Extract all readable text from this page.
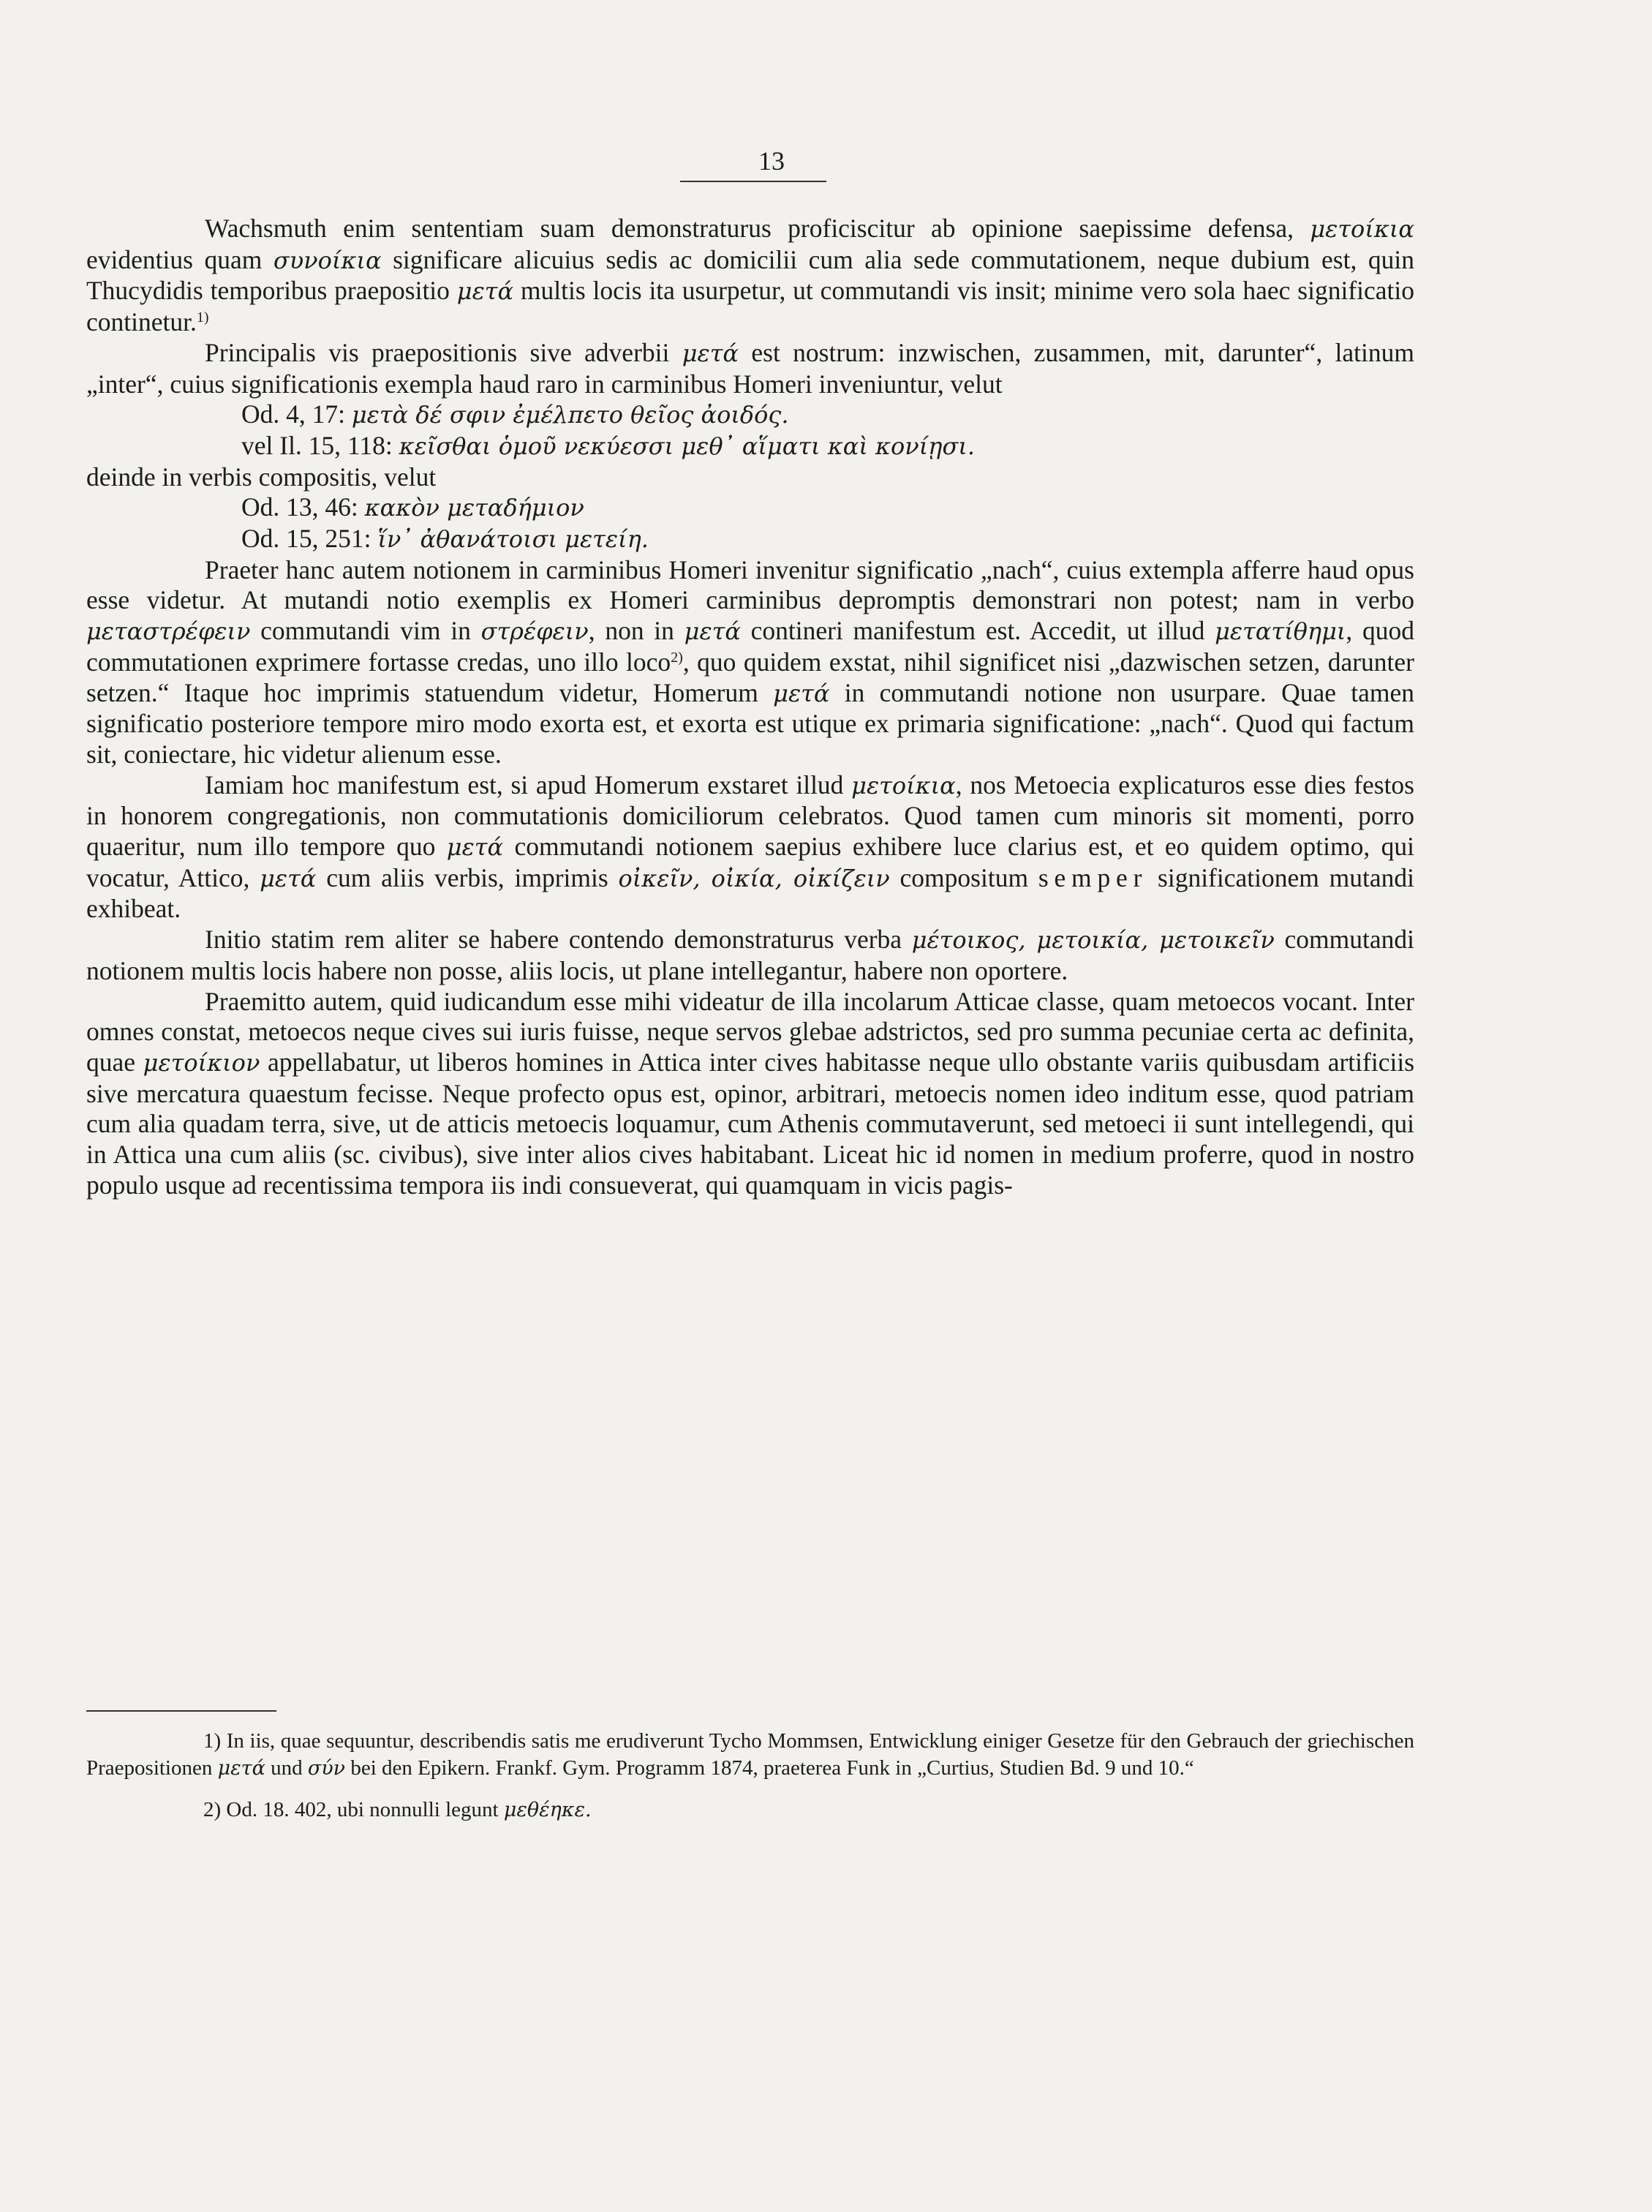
13

Wachsmuth enim sententiam suam demonstraturus proficiscitur ab opinione saepissime defensa, μετοίκια evidentius quam συνοίκια significare alicuius sedis ac domicilii cum alia sede commutationem, neque dubium est, quin Thucydidis temporibus praepositio μετά multis locis ita usurpetur, ut commutandi vis insit; minime vero sola haec significatio continetur.$^{1)}$

Principalis vis praepositionis sive adverbii μετά est nostrum: inzwischen, zusammen, mit, darunter“, latinum „inter“, cuius significationis exempla haud raro in carminibus Homeri inveniuntur, velut

Od. 4, 17: μετὰ δέ σφιν ἐμέλπετο θεῖος ἀοιδός.
vel Il. 15, 118: κεῖσθαι ὁμοῦ νεκύεσσι μεθ᾽ αἵματι καὶ κονίῃσι.

deinde in verbis compositis, velut

Od. 13, 46: κακὸν μεταδήμιον
Od. 15, 251: ἵν᾽ ἀθανάτοισι μετείη.

Praeter hanc autem notionem in carminibus Homeri invenitur significatio „nach“, cuius extempla afferre haud opus esse videtur. At mutandi notio exemplis ex Homeri carminibus depromptis demonstrari non potest; nam in verbo μεταστρέφειν commutandi vim in στρέφειν, non in μετά contineri manifestum est. Accedit, ut illud μετατίθημι, quod commutationen exprimere fortasse credas, uno illo loco$^{2)}$, quo quidem exstat, nihil significet nisi „dazwischen setzen, darunter setzen.“ Itaque hoc imprimis statuendum videtur, Homerum μετά in commutandi notione non usurpare. Quae tamen significatio posteriore tempore miro modo exorta est, et exorta est utique ex primaria significatione: „nach“. Quod qui factum sit, coniectare, hic videtur alienum esse.

Iamiam hoc manifestum est, si apud Homerum exstaret illud μετοίκια, nos Metoecia explicaturos esse dies festos in honorem congregationis, non commutationis domiciliorum celebratos. Quod tamen cum minoris sit momenti, porro quaeritur, num illo tempore quo μετά commutandi notionem saepius exhibere luce clarius est, et eo quidem optimo, qui vocatur, Attico, μετά cum aliis verbis, imprimis οἰκεῖν, οἰκία, οἰκίζειν compositum semper significationem mutandi exhibeat.

Initio statim rem aliter se habere contendo demonstraturus verba μέτοικος, μετοικία, μετοικεῖν commutandi notionem multis locis habere non posse, aliis locis, ut plane intellegantur, habere non oportere.

Praemitto autem, quid iudicandum esse mihi videatur de illa incolarum Atticae classe, quam metoecos vocant. Inter omnes constat, metoecos neque cives sui iuris fuisse, neque servos glebae adstrictos, sed pro summa pecuniae certa ac definita, quae μετοίκιον appellabatur, ut liberos homines in Attica inter cives habitasse neque ullo obstante variis quibusdam artificiis sive mercatura quaestum fecisse. Neque profecto opus est, opinor, arbitrari, metoecis nomen ideo inditum esse, quod patriam cum alia quadam terra, sive, ut de atticis metoecis loquamur, cum Athenis commutaverunt, sed metoeci ii sunt intellegendi, qui in Attica una cum aliis (sc. civibus), sive inter alios cives habitabant. Liceat hic id nomen in medium proferre, quod in nostro populo usque ad recentissima tempora iis indi consueverat, qui quamquam in vicis pagis-

1) In iis, quae sequuntur, describendis satis me erudiverunt Tycho Mommsen, Entwicklung einiger Gesetze für den Gebrauch der griechischen Praepositionen μετά und σύν bei den Epikern. Frankf. Gym. Programm 1874, praeterea Funk in „Curtius, Studien Bd. 9 und 10.“

2) Od. 18. 402, ubi nonnulli legunt μεθέηκε.
